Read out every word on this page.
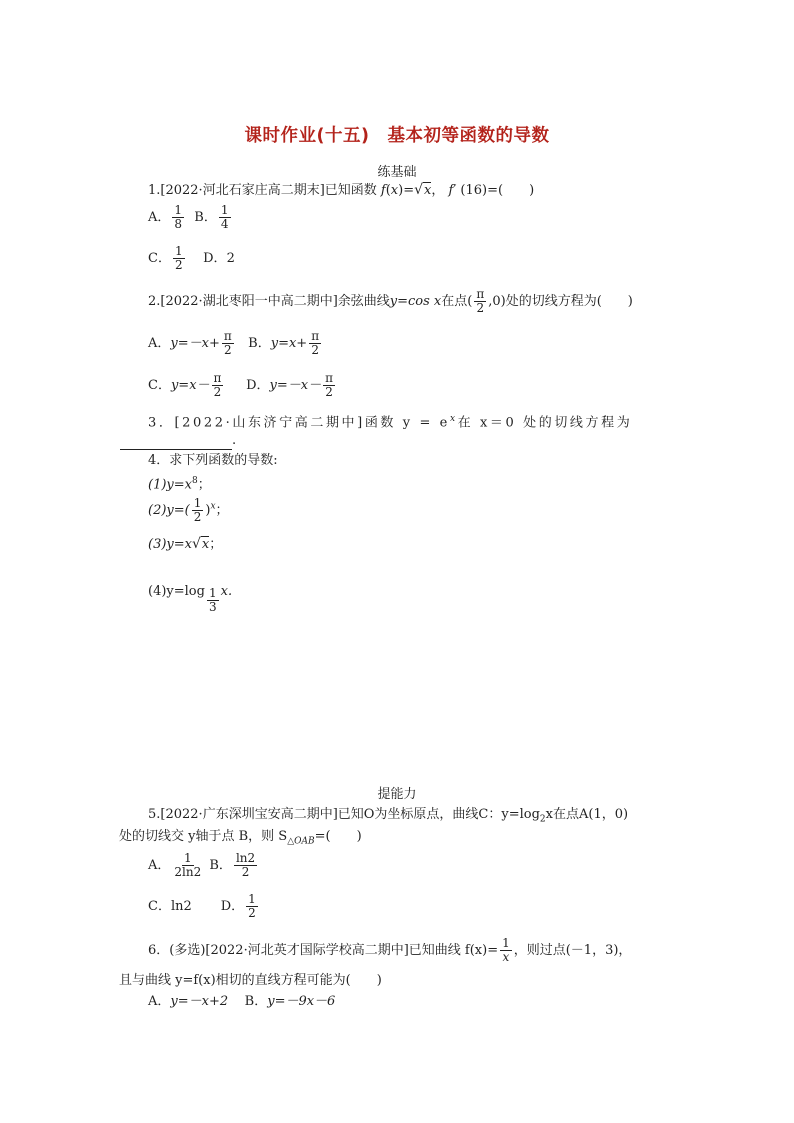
课时作业(十五)　基本初等函数的导数
练基础
1.[2022·河北石家庄高二期末]已知函数 f(x)=√x， f′ (16)=(　　)
A． $\frac{1}{8}$ B． $\frac{1}{4}$
C． $\frac{1}{2}$ D．2
2.[2022·湖北枣阳一中高二期中]余弦曲线y=cos x在点( $\frac{\pi}{2} ,0$)处的切线方程为(　　)
A．$y=-x+ \frac{\pi}{2}$ B．$y=x+ \frac{\pi}{2}$
C．$y=x- \frac{\pi}{2}$ D．$y=-x- \frac{\pi}{2}$
3．[2022·山东济宁高二期中]函数 $y = e^x$在 x＝0 处的切线方程为
.
4．求下列函数的导数:
$(1)y=x^8$；
$(2)y=( \frac{1}{2} )^x$；
(3)y=x√x；
$(4)y=\log \frac{1}{3} x$.
提能力
5.[2022·广东深圳宝安高二期中]已知O为坐标原点，曲线C：$y=\log_2x$在点A(1，0)
处的切线交 y轴于点 B，则 $S_{\triangle OAB}=$(　　)
A． $\frac{1}{2\ln 2}$ B． $\frac{\ln 2}{2}$
C．ln2 D． $\frac{1}{2}$
6．(多选)[2022·河北英才国际学校高二期中]已知曲线 $f(x)= \frac{1}{x}$ ，则过点(－1，3)，
且与曲线 y=f(x)相切的直线方程可能为(　　)
A．y=－x+2 B．y=－9x－6
